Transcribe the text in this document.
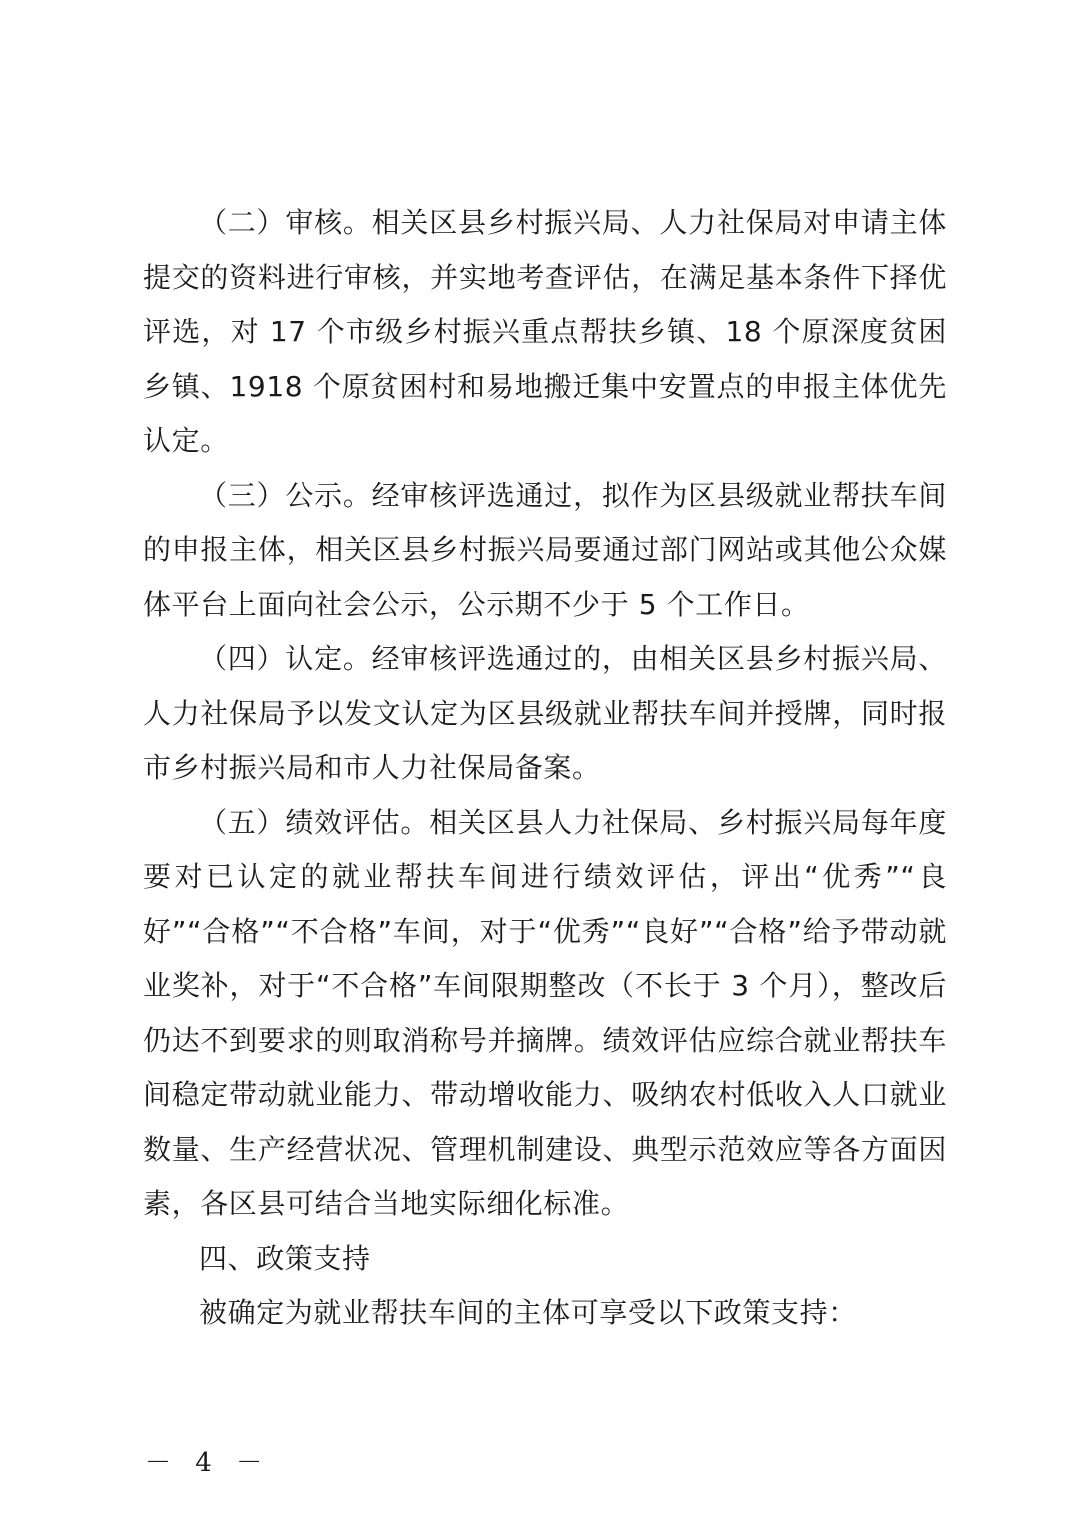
（二）审核。相关区县乡村振兴局、人力社保局对申请主体提交的资料进行审核，并实地考查评估，在满足基本条件下择优评选，对 17 个市级乡村振兴重点帮扶乡镇、18 个原深度贫困乡镇、1918 个原贫困村和易地搬迁集中安置点的申报主体优先认定。

（三）公示。经审核评选通过，拟作为区县级就业帮扶车间的申报主体，相关区县乡村振兴局要通过部门网站或其他公众媒体平台上面向社会公示，公示期不少于 5 个工作日。

（四）认定。经审核评选通过的，由相关区县乡村振兴局、人力社保局予以发文认定为区县级就业帮扶车间并授牌，同时报市乡村振兴局和市人力社保局备案。

（五）绩效评估。相关区县人力社保局、乡村振兴局每年度要对已认定的就业帮扶车间进行绩效评估，评出“优秀”“良好”“合格”“不合格”车间，对于“优秀”“良好”“合格”给予带动就业奖补，对于“不合格”车间限期整改（不长于 3 个月），整改后仍达不到要求的则取消称号并摘牌。绩效评估应综合就业帮扶车间稳定带动就业能力、带动增收能力、吸纳农村低收入人口就业数量、生产经营状况、管理机制建设、典型示范效应等各方面因素，各区县可结合当地实际细化标准。

四、政策支持

被确定为就业帮扶车间的主体可享受以下政策支持：

－ 4 －
